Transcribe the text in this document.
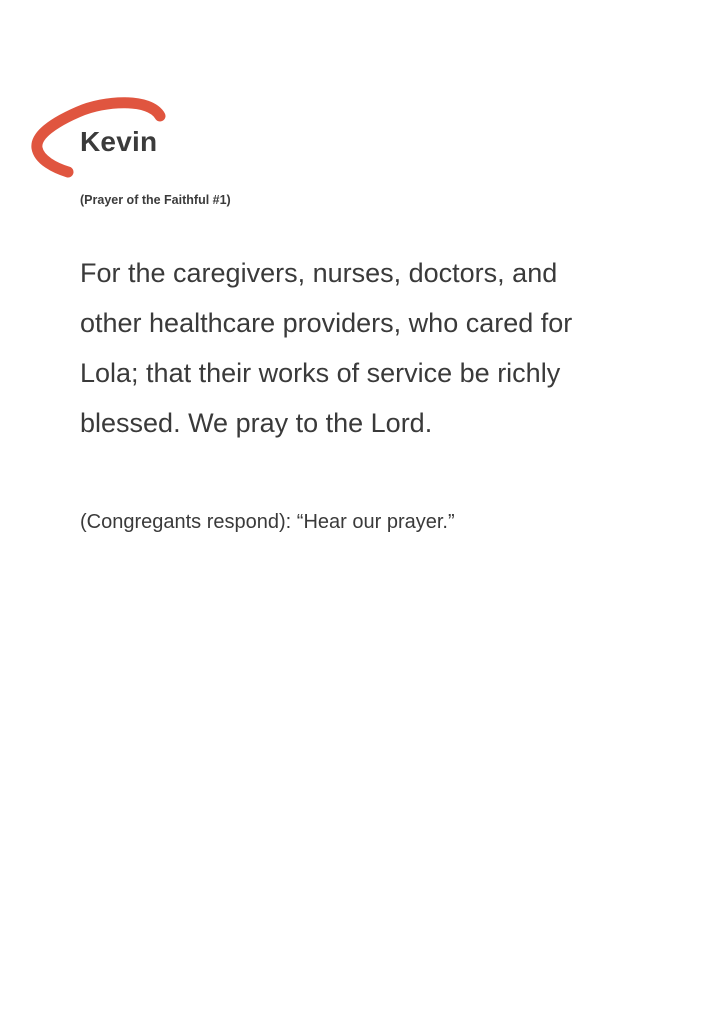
Kevin
(Prayer of the Faithful #1)
For the caregivers, nurses, doctors, and
other healthcare providers, who cared for
Lola; that their works of service be richly
blessed. We pray to the Lord.
(Congregants respond): “Hear our prayer.”
